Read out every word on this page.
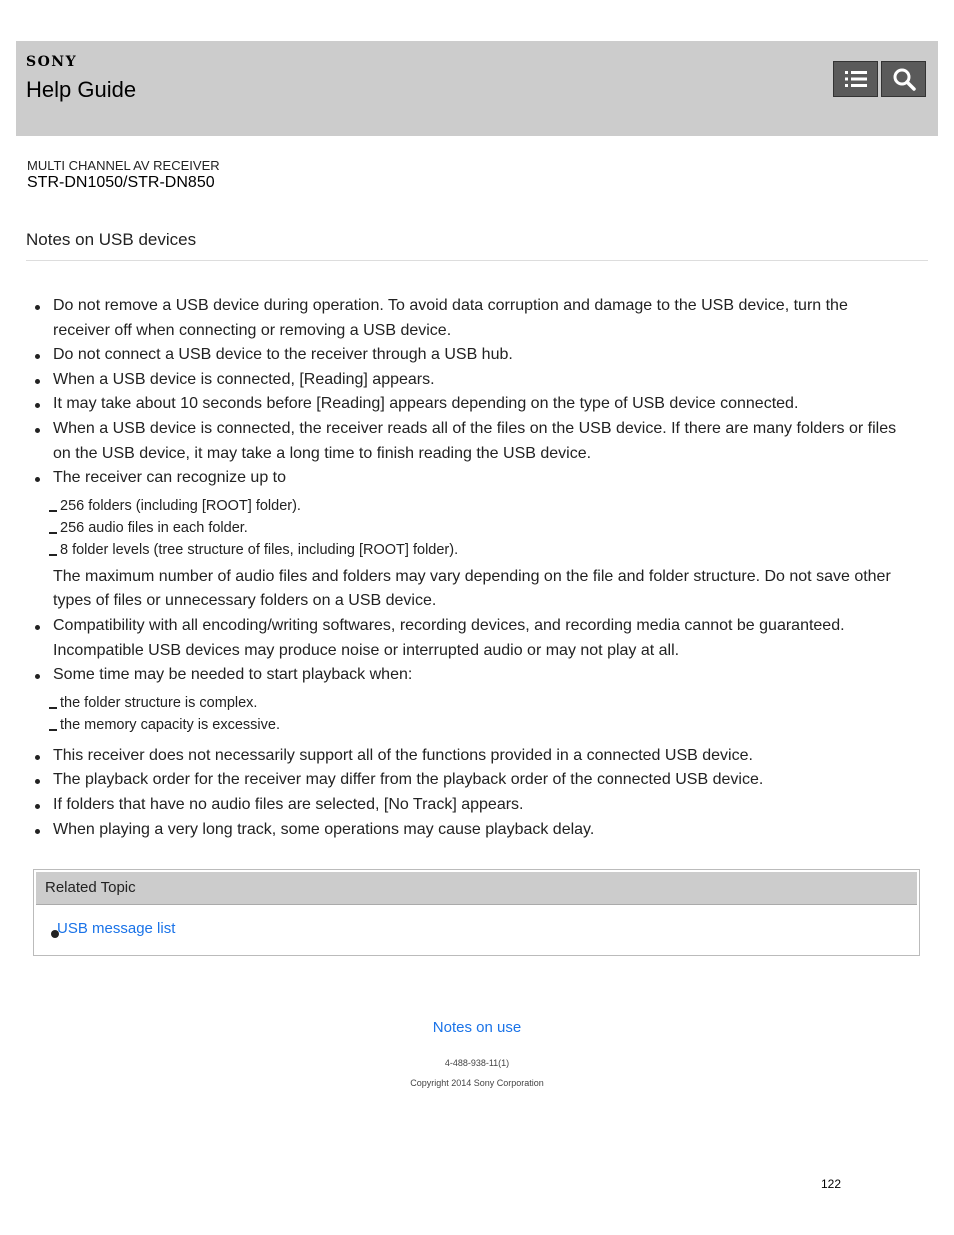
SONY
Help Guide
MULTI CHANNEL AV RECEIVER
STR-DN1050/STR-DN850
Notes on USB devices
Do not remove a USB device during operation. To avoid data corruption and damage to the USB device, turn the receiver off when connecting or removing a USB device.
Do not connect a USB device to the receiver through a USB hub.
When a USB device is connected, [Reading] appears.
It may take about 10 seconds before [Reading] appears depending on the type of USB device connected.
When a USB device is connected, the receiver reads all of the files on the USB device. If there are many folders or files on the USB device, it may take a long time to finish reading the USB device.
The receiver can recognize up to
256 folders (including [ROOT] folder).
256 audio files in each folder.
8 folder levels (tree structure of files, including [ROOT] folder).
The maximum number of audio files and folders may vary depending on the file and folder structure. Do not save other types of files or unnecessary folders on a USB device.
Compatibility with all encoding/writing softwares, recording devices, and recording media cannot be guaranteed. Incompatible USB devices may produce noise or interrupted audio or may not play at all.
Some time may be needed to start playback when:
the folder structure is complex.
the memory capacity is excessive.
This receiver does not necessarily support all of the functions provided in a connected USB device.
The playback order for the receiver may differ from the playback order of the connected USB device.
If folders that have no audio files are selected, [No Track] appears.
When playing a very long track, some operations may cause playback delay.
Related Topic
USB message list
Notes on use
4-488-938-11(1)
Copyright 2014 Sony Corporation
122
